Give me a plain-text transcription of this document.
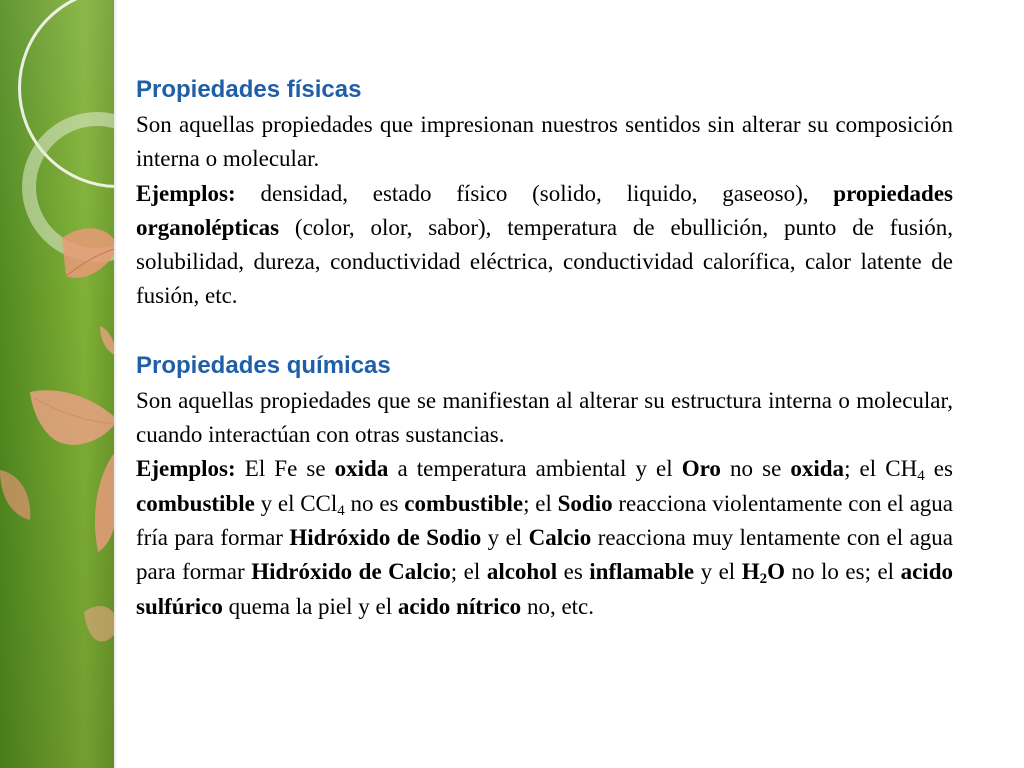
Propiedades físicas

Son aquellas propiedades que impresionan nuestros sentidos sin alterar su composición interna o molecular.

Ejemplos: densidad, estado físico (solido, liquido, gaseoso), propiedades organolépticas (color, olor, sabor), temperatura de ebullición, punto de fusión, solubilidad, dureza, conductividad eléctrica, conductividad calorífica, calor latente de fusión, etc.

Propiedades químicas

Son aquellas propiedades que se manifiestan al alterar su estructura interna o molecular, cuando interactúan con otras sustancias.

Ejemplos: El Fe se oxida a temperatura ambiental y el Oro no se oxida; el $CH_4$ es combustible y el CCl$_4$ no es combustible; el Sodio reacciona violentamente con el agua fría para formar Hidróxido de Sodio y el Calcio reacciona muy lentamente con el agua para formar Hidróxido de Calcio; el alcohol es inflamable y el $H_2O$ no lo es; el acido sulfúrico quema la piel y el acido nítrico no, etc.
